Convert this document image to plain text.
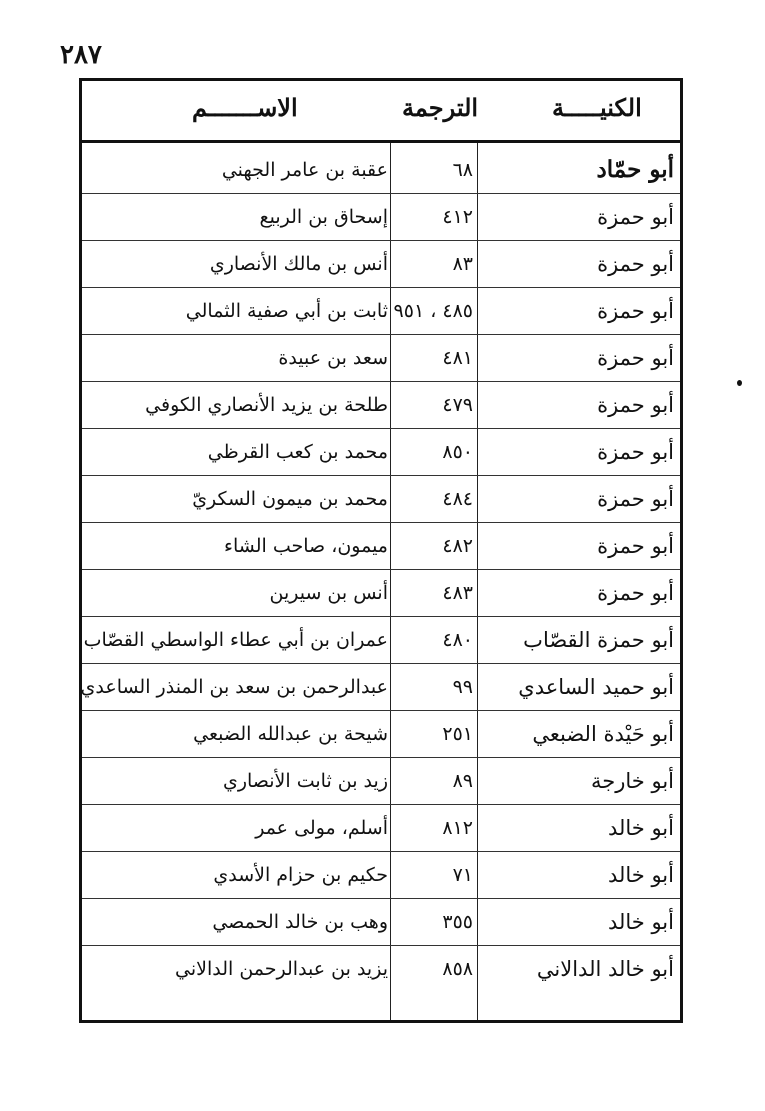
٢٨٧
الكنيـــــة
الترجمة
الاســـــــم
أبو حمّاد
٦٨
عقبة بن عامر الجهني
أبو حمزة
٤١٢
إسحاق بن الربيع
أبو حمزة
٨٣
أنس بن مالك الأنصاري
أبو حمزة
٤٨٥ ، ٩٥١
ثابت بن أبي صفية الثمالي
أبو حمزة
٤٨١
سعد بن عبيدة
أبو حمزة
٤٧٩
طلحة بن يزيد الأنصاري الكوفي
أبو حمزة
٨٥٠
محمد بن كعب القرظي
أبو حمزة
٤٨٤
محمد بن ميمون السكريّ
أبو حمزة
٤٨٢
ميمون، صاحب الشاء
أبو حمزة
٤٨٣
أنس بن سيرين
أبو حمزة القصّاب
٤٨٠
عمران بن أبي عطاء الواسطي القصّاب
أبو حميد الساعدي
٩٩
عبدالرحمن بن سعد بن المنذر الساعدي
أبو حَيْدة الضبعي
٢٥١
شيحة بن عبدالله الضبعي
أبو خارجة
٨٩
زيد بن ثابت الأنصاري
أبو خالد
٨١٢
أسلم، مولى عمر
أبو خالد
٧١
حكيم بن حزام الأسدي
أبو خالد
٣٥٥
وهب بن خالد الحمصي
أبو خالد الدالاني
٨٥٨
يزيد بن عبدالرحمن الدالاني
